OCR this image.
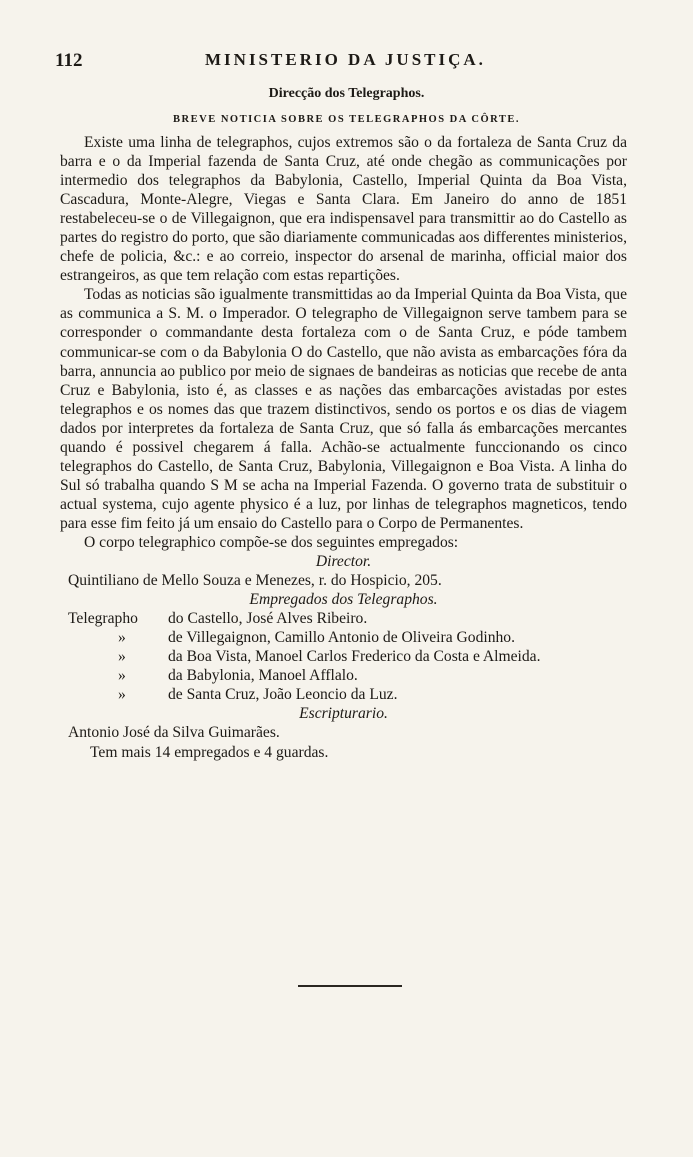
112	MINISTERIO DA JUSTIÇA.
Direcção dos Telegraphos.
BREVE NOTICIA SOBRE OS TELEGRAPHOS DA CÔRTE.

Existe uma linha de telegraphos, cujos extremos são o da fortaleza de Santa Cruz da barra e o da Imperial fazenda de Santa Cruz, até onde chegão as communicações por intermedio dos telegraphos da Babylonia, Castello, Imperial Quinta da Boa Vista, Cascadura, Monte-Alegre, Viegas e Santa Clara. Em Janeiro do anno de 1851 restabeleceu-se o de Villegaignon, que era indispensavel para transmittir ao do Castello as partes do registro do porto, que são diariamente communicadas aos differentes ministerios, chefe de policia, &c.: e ao correio, inspector do arsenal de marinha, official maior dos estrangeiros, as que tem relação com estas repartições.

Todas as noticias são igualmente transmittidas ao da Imperial Quinta da Boa Vista, que as communica a S. M. o Imperador. O telegrapho de Villegaignon serve tambem para se corresponder o commandante desta fortaleza com o de Santa Cruz, e póde tambem communicar-se com o da Babylonia O do Castello, que não avista as embarcações fóra da barra, annuncia ao publico por meio de signaes de bandeiras as noticias que recebe de anta Cruz e Babylonia, isto é, as classes e as nações das embarcações avistadas por estes telegraphos e os nomes das que trazem distinctivos, sendo os portos e os dias de viagem dados por interpretes da fortaleza de Santa Cruz, que só falla ás embarcações mercantes quando é possivel chegarem á falla. Achão-se actualmente funccionando os cinco telegraphos do Castello, de Santa Cruz, Babylonia, Villegaignon e Boa Vista. A linha do Sul só trabalha quando S M se acha na Imperial Fazenda. O governo trata de substituir o actual systema, cujo agente physico é a luz, por linhas de telegraphos magneticos, tendo para esse fim feito já um ensaio do Castello para o Corpo de Permanentes.

O corpo telegraphico compõe-se dos seguintes empregados:

Director.
Quintiliano de Mello Souza e Menezes, r. do Hospicio, 205.
Empregados dos Telegraphos.
Telegrapho	do Castello, José Alves Ribeiro.
»	de Villegaignon, Camillo Antonio de Oliveira Godinho.
»	da Boa Vista, Manoel Carlos Frederico da Costa e Almeida.
»	da Babylonia, Manoel Afflalo.
»	de Santa Cruz, João Leoncio da Luz.
Escripturario.
Antonio José da Silva Guimarães.
Tem mais 14 empregados e 4 guardas.
